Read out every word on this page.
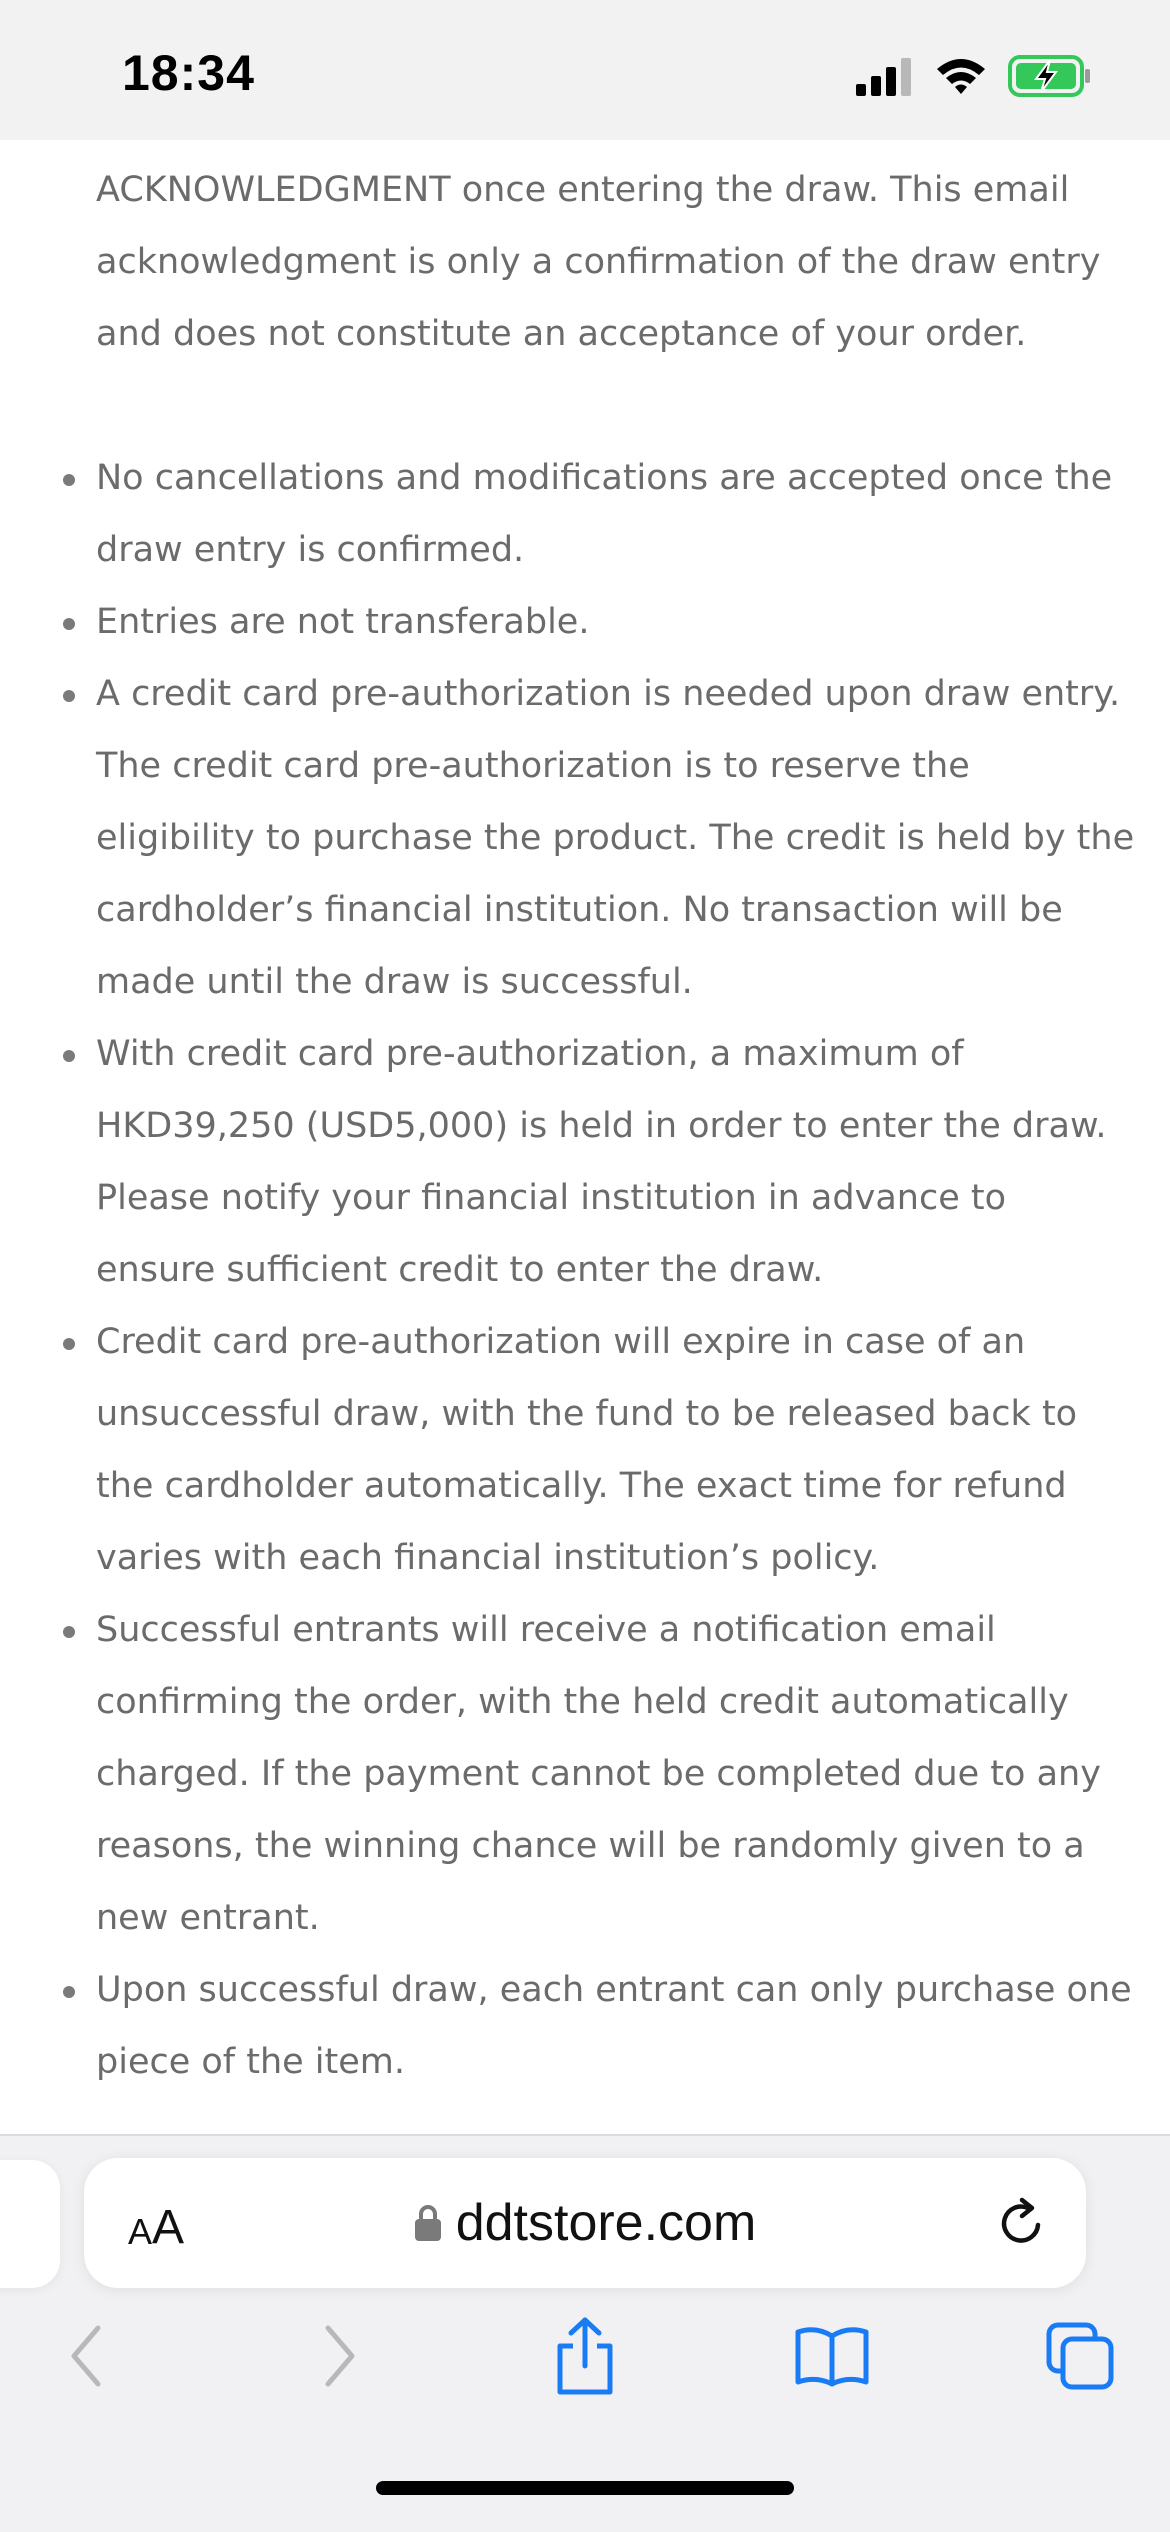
18:34

ACKNOWLEDGMENT once entering the draw. This email acknowledgment is only a confirmation of the draw entry and does not constitute an acceptance of your order.

No cancellations and modifications are accepted once the draw entry is confirmed.
Entries are not transferable.
A credit card pre-authorization is needed upon draw entry. The credit card pre-authorization is to reserve the eligibility to purchase the product. The credit is held by the cardholder’s financial institution. No transaction will be made until the draw is successful.
With credit card pre-authorization, a maximum of HKD39,250 (USD5,000) is held in order to enter the draw. Please notify your financial institution in advance to ensure sufficient credit to enter the draw.
Credit card pre-authorization will expire in case of an unsuccessful draw, with the fund to be released back to the cardholder automatically. The exact time for refund varies with each financial institution’s policy.
Successful entrants will receive a notification email confirming the order, with the held credit automatically charged. If the payment cannot be completed due to any reasons, the winning chance will be randomly given to a new entrant.
Upon successful draw, each entrant can only purchase one piece of the item.
A A	ddtstore.com
